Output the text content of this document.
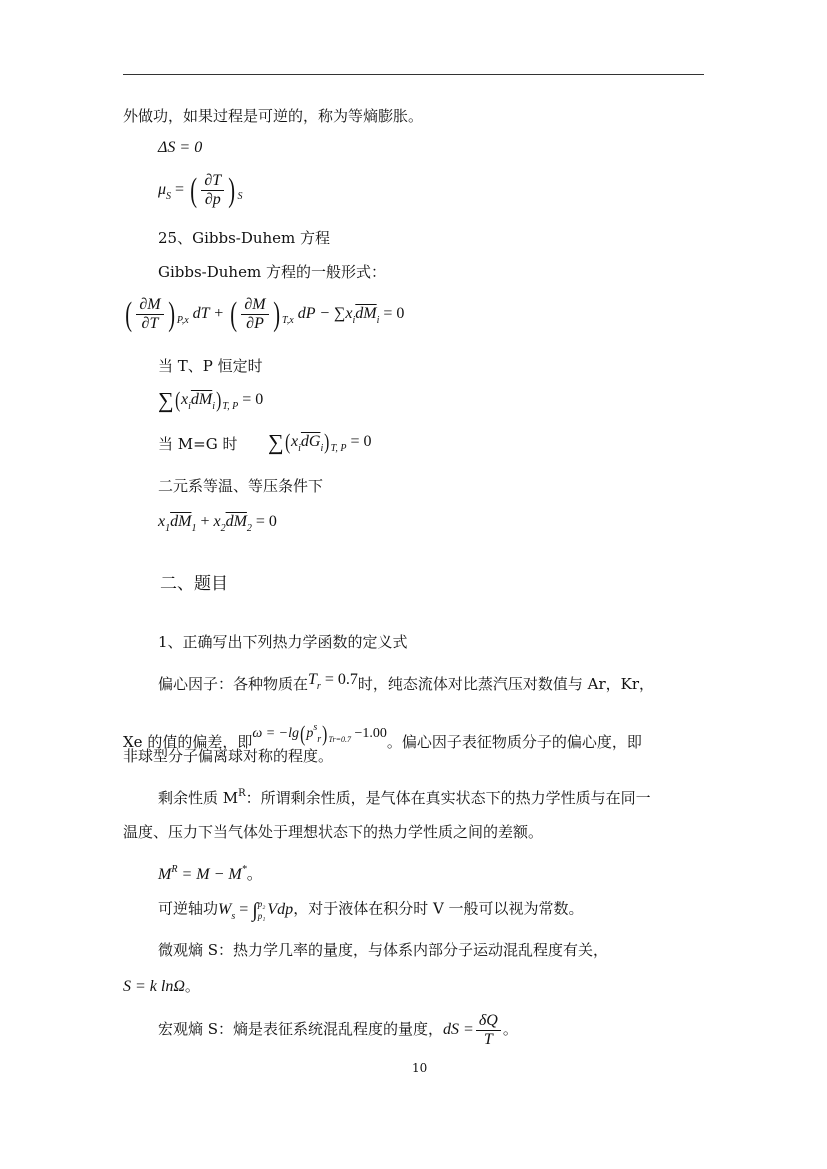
外做功，如果过程是可逆的，称为等熵膨胀。
ΔS = 0
$\mu_S$ = ( $\frac{\partial T}{\partial p}$ ) $_S$
25、Gibbs-Duhem 方程
Gibbs-Duhem 方程的一般形式：
( $\frac{\partial M}{\partial T}$ ) $_{P,x}$ dT + ( $\frac{\partial M}{\partial P}$ ) $_{T,x}$ dP − $\sum x_i\overline{dM}_i = 0$
当 T、P 恒定时
$\sum(x_i\overline{dM}_i)_{T, P} = 0$
当 M=G 时 $\sum(x_i\overline{dG}_i)_{T, P} = 0$
二元系等温、等压条件下
$x_1\overline{dM}_1 + x_2\overline{dM}_2 = 0$
二、题目
1、正确写出下列热力学函数的定义式
偏心因子：各种物质在$T_r = 0.7$时，纯态流体对比蒸汽压对数值与 Ar，Kr，
Xe 的值的偏差，即$\omega = -\lg(p^s_r)_{Tr=0.7} -1.00$。偏心因子表征物质分子的偏心度，即
非球型分子偏离球对称的程度。
剩余性质 $M^R$：所谓剩余性质，是气体在真实状态下的热力学性质与在同一
温度、压力下当气体处于理想状态下的热力学性质之间的差额。
$M^R = M - M^*$。
可逆轴功$W_s$ = ∫ p₂
p₁ Vdp，对于液体在积分时 V 一般可以视为常数。
微观熵 S：热力学几率的量度，与体系内部分子运动混乱程度有关，
S = k lnΩ。
宏观熵 S：熵是表征系统混乱程度的量度，dS = $\frac{\delta Q}{T}$ 。
10
